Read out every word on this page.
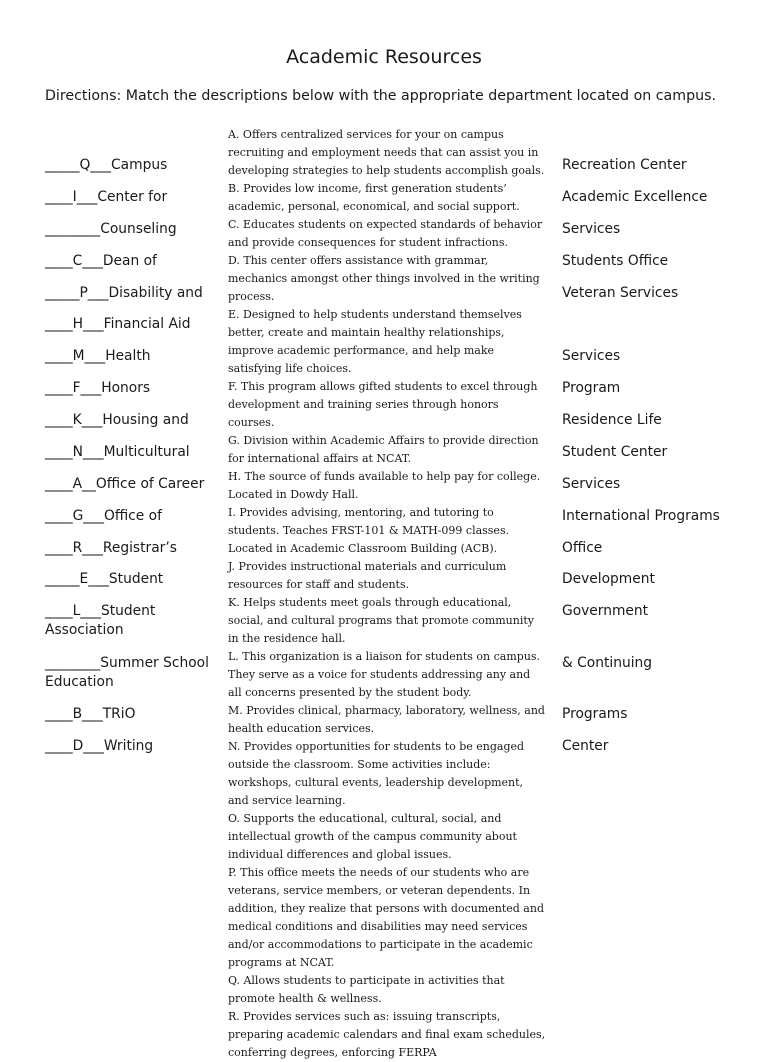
Academic Resources
Directions: Match the descriptions below with the appropriate department located on campus.
_____Q___Campus
____I___Center for
________Counseling
____C___Dean of
_____P___Disability and
____H___Financial Aid
____M___Health
____F___Honors
____K___Housing and
____N___Multicultural
____A__Office of Career
____G___Office of
____R___Registrar’s
_____E___Student
____L___Student Association
________Summer School Education
____B___TRiO
____D___Writing
Recreation Center
Academic Excellence
Services
Students Office
Veteran Services
Services
Program
Residence Life
Student Center
Services
International Programs
Office
Development
Government
& Continuing
Programs
Center

A. Offers centralized services for your on campus recruiting and employment needs that can assist you in developing strategies to help students accomplish goals.

B. Provides low income, first generation students’ academic, personal, economical, and social support.

C. Educates students on expected standards of behavior and provide consequences for student infractions.

D. This center offers assistance with grammar, mechanics amongst other things involved in the writing process.

E. Designed to help students understand themselves better, create and maintain healthy relationships, improve academic performance, and help make satisfying life choices.

F. This program allows gifted students to excel through development and training series through honors courses.

G. Division within Academic Affairs to provide direction for international affairs at NCAT.

H. The source of funds available to help pay for college. Located in Dowdy Hall.

I. Provides advising, mentoring, and tutoring to students. Teaches FRST-101 & MATH-099 classes. Located in Academic Classroom Building (ACB).

J. Provides instructional materials and curriculum resources for staff and students.

K. Helps students meet goals through educational, social, and cultural programs that promote community in the residence hall.

L. This organization is a liaison for students on campus. They serve as a voice for students addressing any and all concerns presented by the student body.

M. Provides clinical, pharmacy, laboratory, wellness, and health education services.

N. Provides opportunities for students to be engaged outside the classroom. Some activities include: workshops, cultural events, leadership development, and service learning.

O. Supports the educational, cultural, social, and intellectual growth of the campus community about individual differences and global issues.

P. This office meets the needs of our students who are veterans, service members, or veteran dependents. In addition, they realize that persons with documented and medical conditions and disabilities may need services and/or accommodations to participate in the academic programs at NCAT.

Q. Allows students to participate in activities that promote health & wellness.

R. Provides services such as: issuing transcripts, preparing academic calendars and final exam schedules, conferring degrees, enforcing FERPA
